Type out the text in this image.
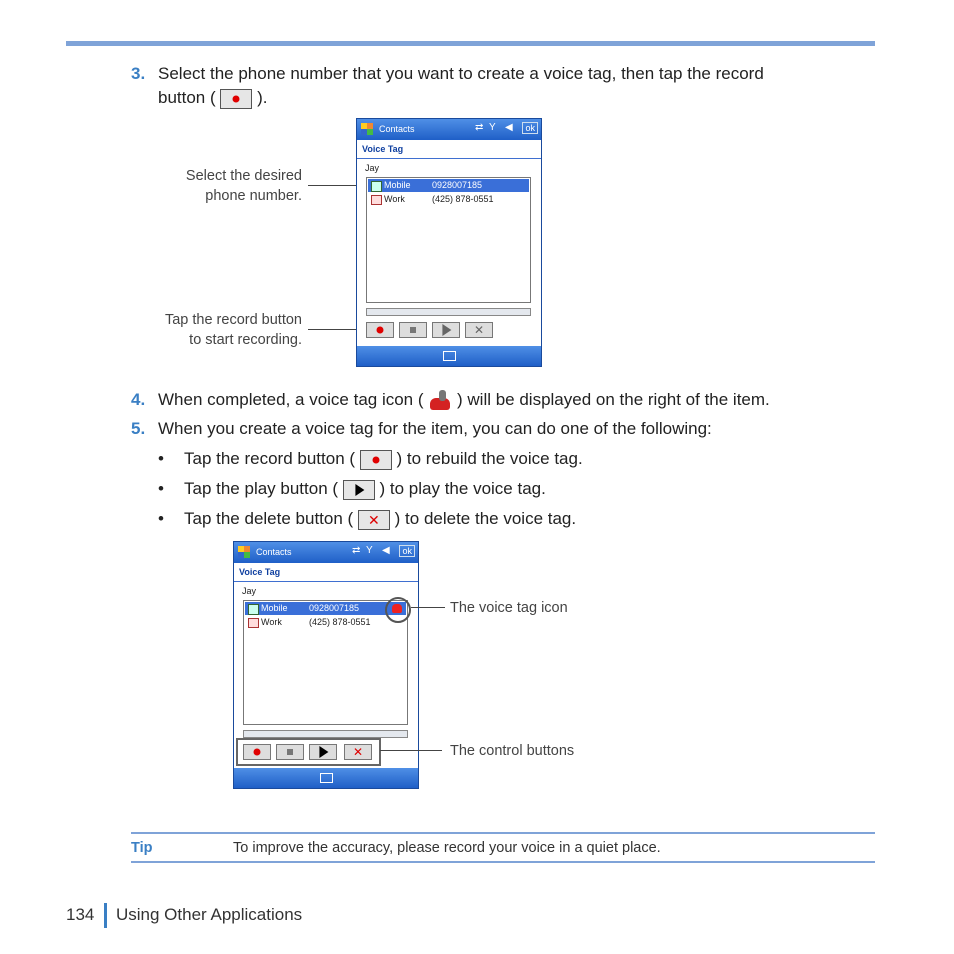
3. Select the phone number that you want to create a voice tag, then tap the record
button ( ).
Select the desired
phone number.
Tap the record button
to start recording.
Contacts	⇄ Y ◀	ok
Voice Tag
Jay
Mobile 0928007185
Work	(425) 878-0551
✕
4. When completed, a voice tag icon ( ) will be displayed on the right of the item.
5. When you create a voice tag for the item, you can do one of the following:
• Tap the record button ( ) to rebuild the voice tag.
• Tap the play button ( ) to play the voice tag.
• Tap the delete button (	✕ ) to delete the voice tag.
Contacts	⇄ Y ◀	ok
Voice Tag
Jay
Mobile 0928007185
Work	(425) 878-0551
✕
The voice tag icon
The control buttons
Tip	To improve the accuracy, please record your voice in a quiet place.
134 Using Other Applications
